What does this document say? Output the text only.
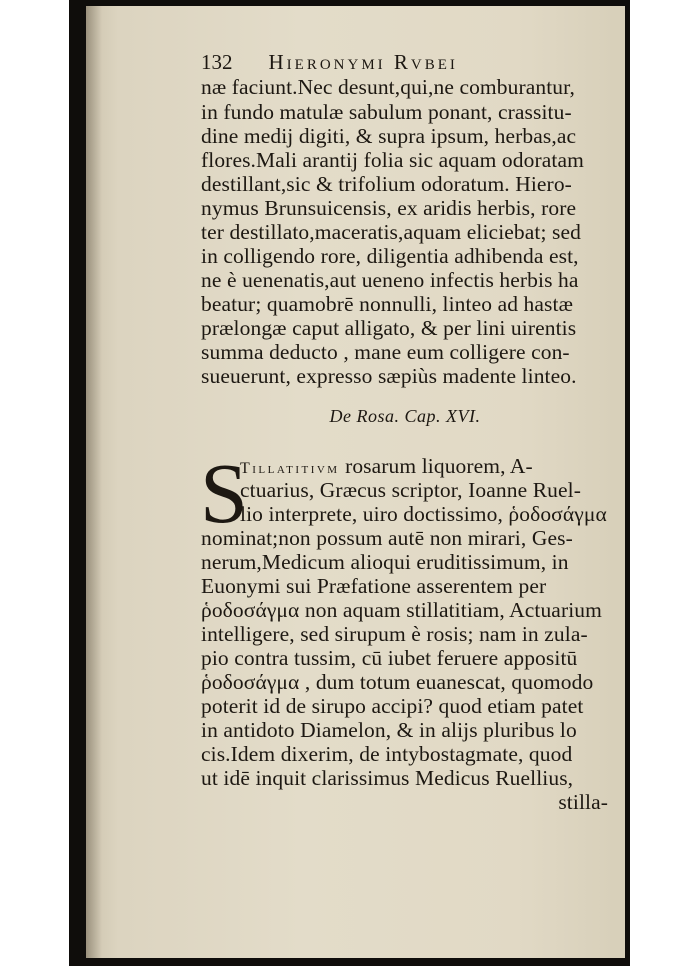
132 Hieronymi Rvbei
næ faciunt.Nec desunt,qui,ne comburantur,
in fundo matulæ sabulum ponant, crassitu-
dine medij digiti, & supra ipsum, herbas,ac
flores.Mali arantij folia sic aquam odoratam
destillant,sic & trifolium odoratum. Hiero-
nymus Brunsuicensis, ex aridis herbis, rore
ter destillato,maceratis,aquam eliciebat; sed
in colligendo rore, diligentia adhibenda est,
ne è uenenatis,aut ueneno infectis herbis ha
beatur; quamobrē nonnulli, linteo ad hastæ
prælongæ caput alligato, & per lini uirentis
summa deducto , mane eum colligere con-
sueuerunt, expresso sæpiùs madente linteo.
De Rosa. Cap. XVI.
S
Tillatitivm rosarum liquorem, A-
ctuarius, Græcus scriptor, Ioanne Ruel-
lio interprete, uiro doctissimo, ῥοδοσάγμα
nominat;non possum autē non mirari, Ges-
nerum,Medicum alioqui eruditissimum, in
Euonymi sui Præfatione asserentem per
ῥοδοσάγμα non aquam stillatitiam, Actuarium
intelligere, sed sirupum è rosis; nam in zula-
pio contra tussim, cū iubet feruere appositū
ῥοδοσάγμα , dum totum euanescat, quomodo
poterit id de sirupo accipi? quod etiam patet
in antidoto Diamelon, & in alijs pluribus lo
cis.Idem dixerim, de intybostagmate, quod
ut idē inquit clarissimus Medicus Ruellius,
stilla-
